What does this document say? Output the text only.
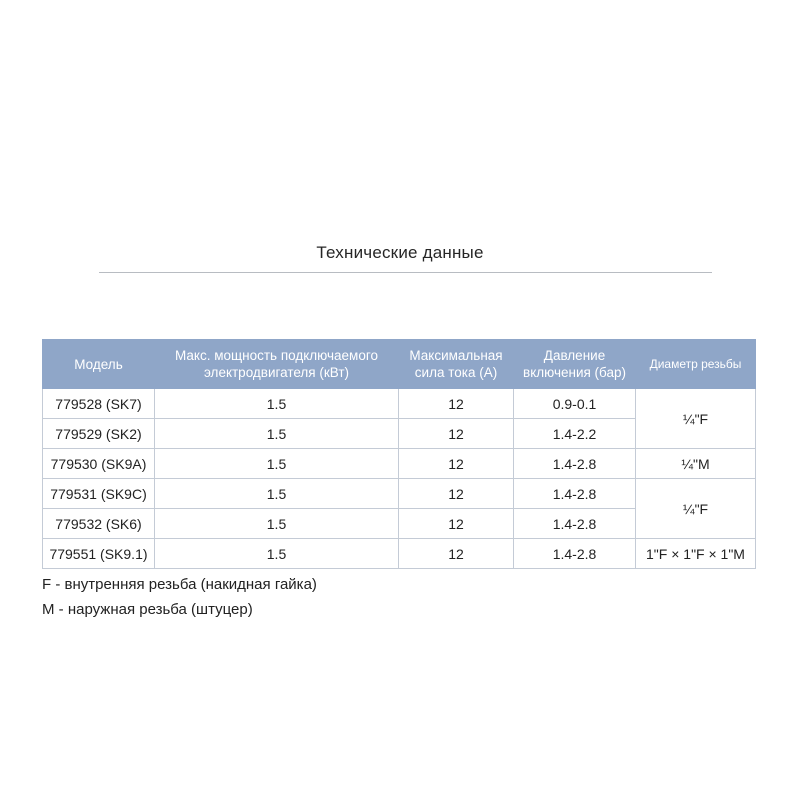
Технические данные
Модель	Макс. мощность подключаемого электродвигателя (кВт)	Максимальная сила тока (А)	Давление включения (бар)	Диаметр резьбы
779528 (SK7)	1.5	12	0.9-0.1	¼"F
779529 (SK2)	1.5	12	1.4-2.2	
779530 (SK9A)	1.5	12	1.4-2.8	¼"M
779531 (SK9C)	1.5	12	1.4-2.8	¼"F
779532 (SK6)	1.5	12	1.4-2.8	
779551 (SK9.1)	1.5	12	1.4-2.8	1"F × 1"F × 1"M
F - внутренняя резьба (накидная гайка)
M - наружная резьба (штуцер)
